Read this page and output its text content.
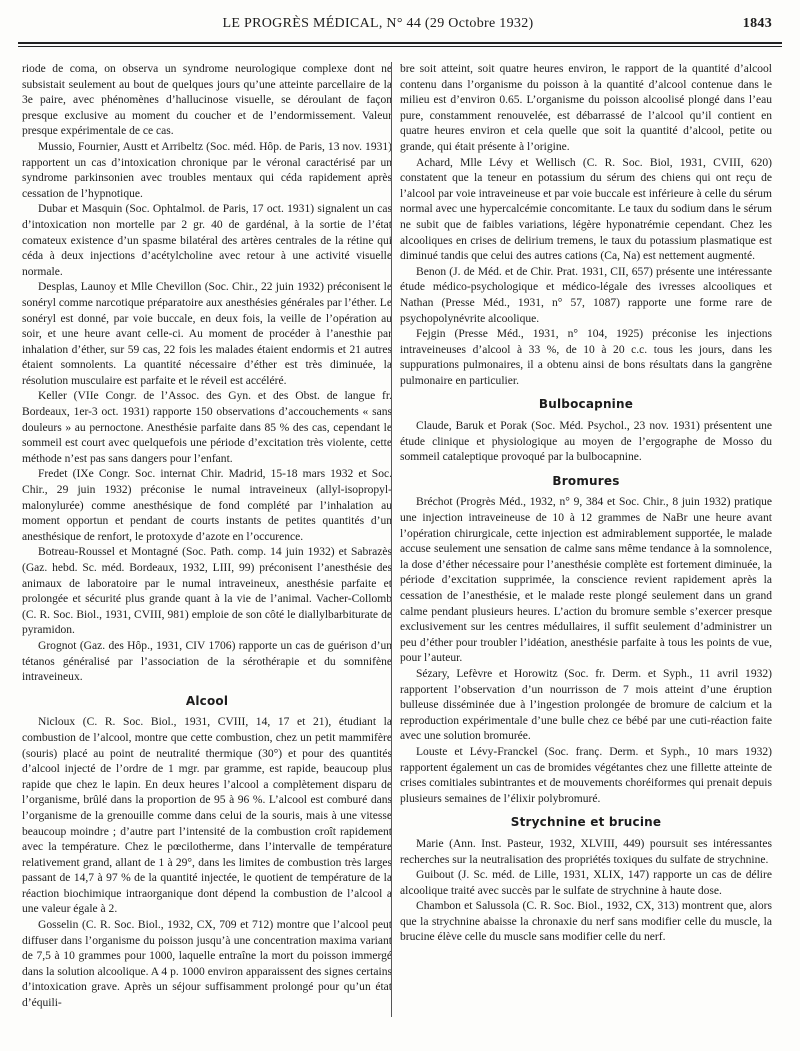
LE PROGRÈS MÉDICAL, N° 44 (29 Octobre 1932)	1843

riode de coma, on observa un syndrome neurologique complexe dont ne subsistait seulement au bout de quelques jours qu’une atteinte parcellaire de la 3e paire, avec phénomènes d’hallucinose visuelle, se déroulant de façon presque exclusive au moment du coucher et de l’endormissement. Valeur presque expérimentale de ce cas.

Mussio, Fournier, Austt et Arribeltz (Soc. méd. Hôp. de Paris, 13 nov. 1931) rapportent un cas d’intoxication chronique par le véronal caractérisé par un syndrome parkinsonien avec troubles mentaux qui céda rapidement après cessation de l’hypnotique.

Dubar et Masquin (Soc. Ophtalmol. de Paris, 17 oct. 1931) signalent un cas d’intoxication non mortelle par 2 gr. 40 de gardénal, à la sortie de l’état comateux existence d’un spasme bilatéral des artères centrales de la rétine qui céda à deux injections d’acétylcholine avec retour à une activité visuelle normale.

Desplas, Launoy et Mlle Chevillon (Soc. Chir., 22 juin 1932) préconisent le sonéryl comme narcotique préparatoire aux anesthésies générales par l’éther. Le sonéryl est donné, par voie buccale, en deux fois, la veille de l’opération au soir, et une heure avant celle-ci. Au moment de procéder à l’anesthie par inhalation d’éther, sur 59 cas, 22 fois les malades étaient endormis et 21 autres étaient somnolents. La quantité nécessaire d’éther est très diminuée, la résolution musculaire est parfaite et le réveil est accéléré.

Keller (VIIe Congr. de l’Assoc. des Gyn. et des Obst. de langue fr. Bordeaux, 1er-3 oct. 1931) rapporte 150 observations d’accouchements « sans douleurs » au pernoctone. Anesthésie parfaite dans 85 % des cas, cependant le sommeil est court avec quelquefois une période d’excitation très violente, cette méthode n’est pas sans dangers pour l’enfant.

Fredet (IXe Congr. Soc. internat Chir. Madrid, 15-18 mars 1932 et Soc. Chir., 29 juin 1932) préconise le numal intraveineux (allyl-isopropyl-malonylurée) comme anesthésique de fond complété par l’inhalation au moment opportun et pendant de courts instants de petites quantités d’un anesthésique de renfort, le protoxyde d’azote en l’occurence.

Botreau-Roussel et Montagné (Soc. Path. comp. 14 juin 1932) et Sabrazès (Gaz. hebd. Sc. méd. Bordeaux, 1932, LIII, 99) préconisent l’anesthésie des animaux de laboratoire par le numal intraveineux, anesthésie parfaite et prolongée et sécurité plus grande quant à la vie de l’animal. Vacher-Collomb (C. R. Soc. Biol., 1931, CVIII, 981) emploie de son côté le diallylbarbiturate de pyramidon.

Grognot (Gaz. des Hôp., 1931, CIV 1706) rapporte un cas de guérison d’un tétanos généralisé par l’association de la sérothérapie et du somnifène intraveineux.

Alcool

Nicloux (C. R. Soc. Biol., 1931, CVIII, 14, 17 et 21), étudiant la combustion de l’alcool, montre que cette combustion, chez un petit mammifère (souris) placé au point de neutralité thermique (30°) et pour des quantités d’alcool injecté de l’ordre de 1 mgr. par gramme, est rapide, beaucoup plus rapide que chez le lapin. En deux heures l’alcool a complètement disparu de l’organisme, brûlé dans la proportion de 95 à 96 %. L’alcool est comburé dans l’organisme de la grenouille comme dans celui de la souris, mais à une vitesse beaucoup moindre ; d’autre part l’intensité de la combustion croît rapidement avec la température. Chez le pœcilotherme, dans l’intervalle de température relativement grand, allant de 1 à 29°, dans les limites de combustion très larges passant de 14,7 à 97 % de la quantité injectée, le quotient de température de la réaction biochimique intraorganique dont dépend la combustion de l’alcool a une valeur égale à 2.

Gosselin (C. R. Soc. Biol., 1932, CX, 709 et 712) montre que l’alcool peut diffuser dans l’organisme du poisson jusqu’à une concentration maxima variant de 7,5 à 10 grammes pour 1000, laquelle entraîne la mort du poisson immergé dans la solution alcoolique. A 4 p. 1000 environ apparaissent des signes certains d’intoxication grave. Après un séjour suffisamment prolongé pour qu’un état d’équili-

bre soit atteint, soit quatre heures environ, le rapport de la quantité d’alcool contenu dans l’organisme du poisson à la quantité d’alcool contenue dans le milieu est d’environ 0.65. L’organisme du poisson alcoolisé plongé dans l’eau pure, constamment renouvelée, est débarrassé de l’alcool qu’il contient en quatre heures environ et cela quelle que soit la quantité d’alcool, petite ou grande, qui était présente à l’origine.

Achard, Mlle Lévy et Wellisch (C. R. Soc. Biol, 1931, CVIII, 620) constatent que la teneur en potassium du sérum des chiens qui ont reçu de l’alcool par voie intraveineuse et par voie buccale est inférieure à celle du sérum normal avec une hypercalcémie concomitante. Le taux du sodium dans le sérum ne subit que de faibles variations, légère hyponatrémie cependant. Chez les alcooliques en crises de delirium tremens, le taux du potassium plasmatique est diminué tandis que celui des autres cations (Ca, Na) est nettement augmenté.

Benon (J. de Méd. et de Chir. Prat. 1931, CII, 657) présente une intéressante étude médico-psychologique et médico-légale des ivresses alcooliques et Nathan (Presse Méd., 1931, n° 57, 1087) rapporte une forme rare de psychopolynévrite alcoolique.

Fejgin (Presse Méd., 1931, n° 104, 1925) préconise les injections intraveineuses d’alcool à 33 %, de 10 à 20 c.c. tous les jours, dans les suppurations pulmonaires, il a obtenu ainsi de bons résultats dans la gangrène pulmonaire en particulier.

Bulbocapnine

Claude, Baruk et Porak (Soc. Méd. Psychol., 23 nov. 1931) présentent une étude clinique et physiologique au moyen de l’ergographe de Mosso du sommeil cataleptique provoqué par la bulbocapnine.

Bromures

Bréchot (Progrès Méd., 1932, n° 9, 384 et Soc. Chir., 8 juin 1932) pratique une injection intraveineuse de 10 à 12 grammes de NaBr une heure avant l’opération chirurgicale, cette injection est admirablement supportée, le malade accuse seulement une sensation de calme sans même tendance à la somnolence, la dose d’éther nécessaire pour l’anesthésie complète est fortement diminuée, la période d’excitation supprimée, la conscience revient rapidement après la cessation de l’anesthésie, et le malade reste plongé seulement dans un grand calme pendant plusieurs heures. L’action du bromure semble s’exercer presque exclusivement sur les centres médullaires, il suffit seulement d’administrer un peu d’éther pour troubler l’idéation, anesthésie parfaite à tous les points de vue, pour l’auteur.

Sézary, Lefèvre et Horowitz (Soc. fr. Derm. et Syph., 11 avril 1932) rapportent l’observation d’un nourrisson de 7 mois atteint d’une éruption bulleuse disséminée due à l’ingestion prolongée de bromure de calcium et la reproduction expérimentale d’une bulle chez ce bébé par une cuti-réaction faite avec une solution bromurée.

Louste et Lévy-Franckel (Soc. franç. Derm. et Syph., 10 mars 1932) rapportent également un cas de bromides végétantes chez une fillette atteinte de crises comitiales subintrantes et de mouvements choréiformes qui prenait depuis plusieurs semaines de l’élixir polybromuré.

Strychnine et brucine

Marie (Ann. Inst. Pasteur, 1932, XLVIII, 449) poursuit ses intéressantes recherches sur la neutralisation des propriétés toxiques du sulfate de strychnine.

Guibout (J. Sc. méd. de Lille, 1931, XLIX, 147) rapporte un cas de délire alcoolique traité avec succès par le sulfate de strychnine à haute dose.

Chambon et Salussola (C. R. Soc. Biol., 1932, CX, 313) montrent que, alors que la strychnine abaisse la chronaxie du nerf sans modifier celle du muscle, la brucine élève celle du muscle sans modifier celle du nerf.
